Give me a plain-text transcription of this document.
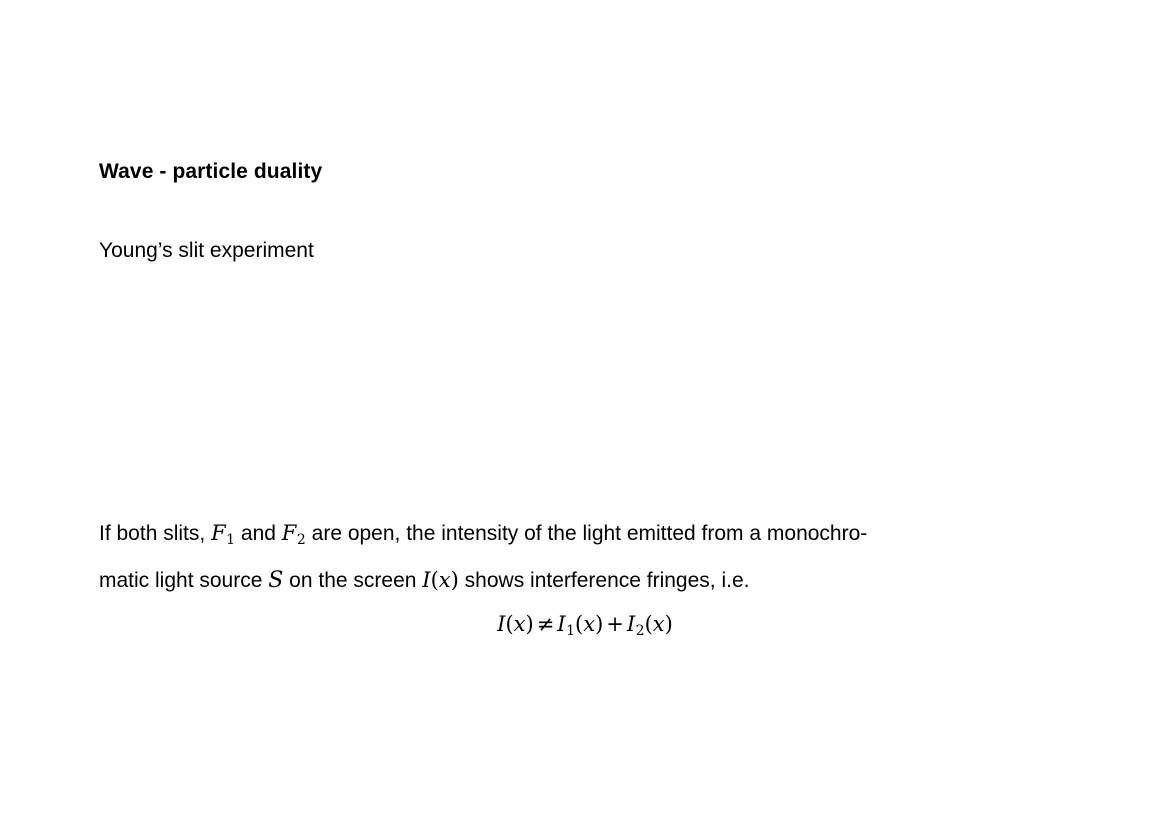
Wave - particle duality
Young’s slit experiment
If both slits, F1 and F2 are open, the intensity of the light emitted from a monochro-
matic light source S on the screen I(x) shows interference fringes, i.e.
I(x) ≠ I1(x) + I2(x)
